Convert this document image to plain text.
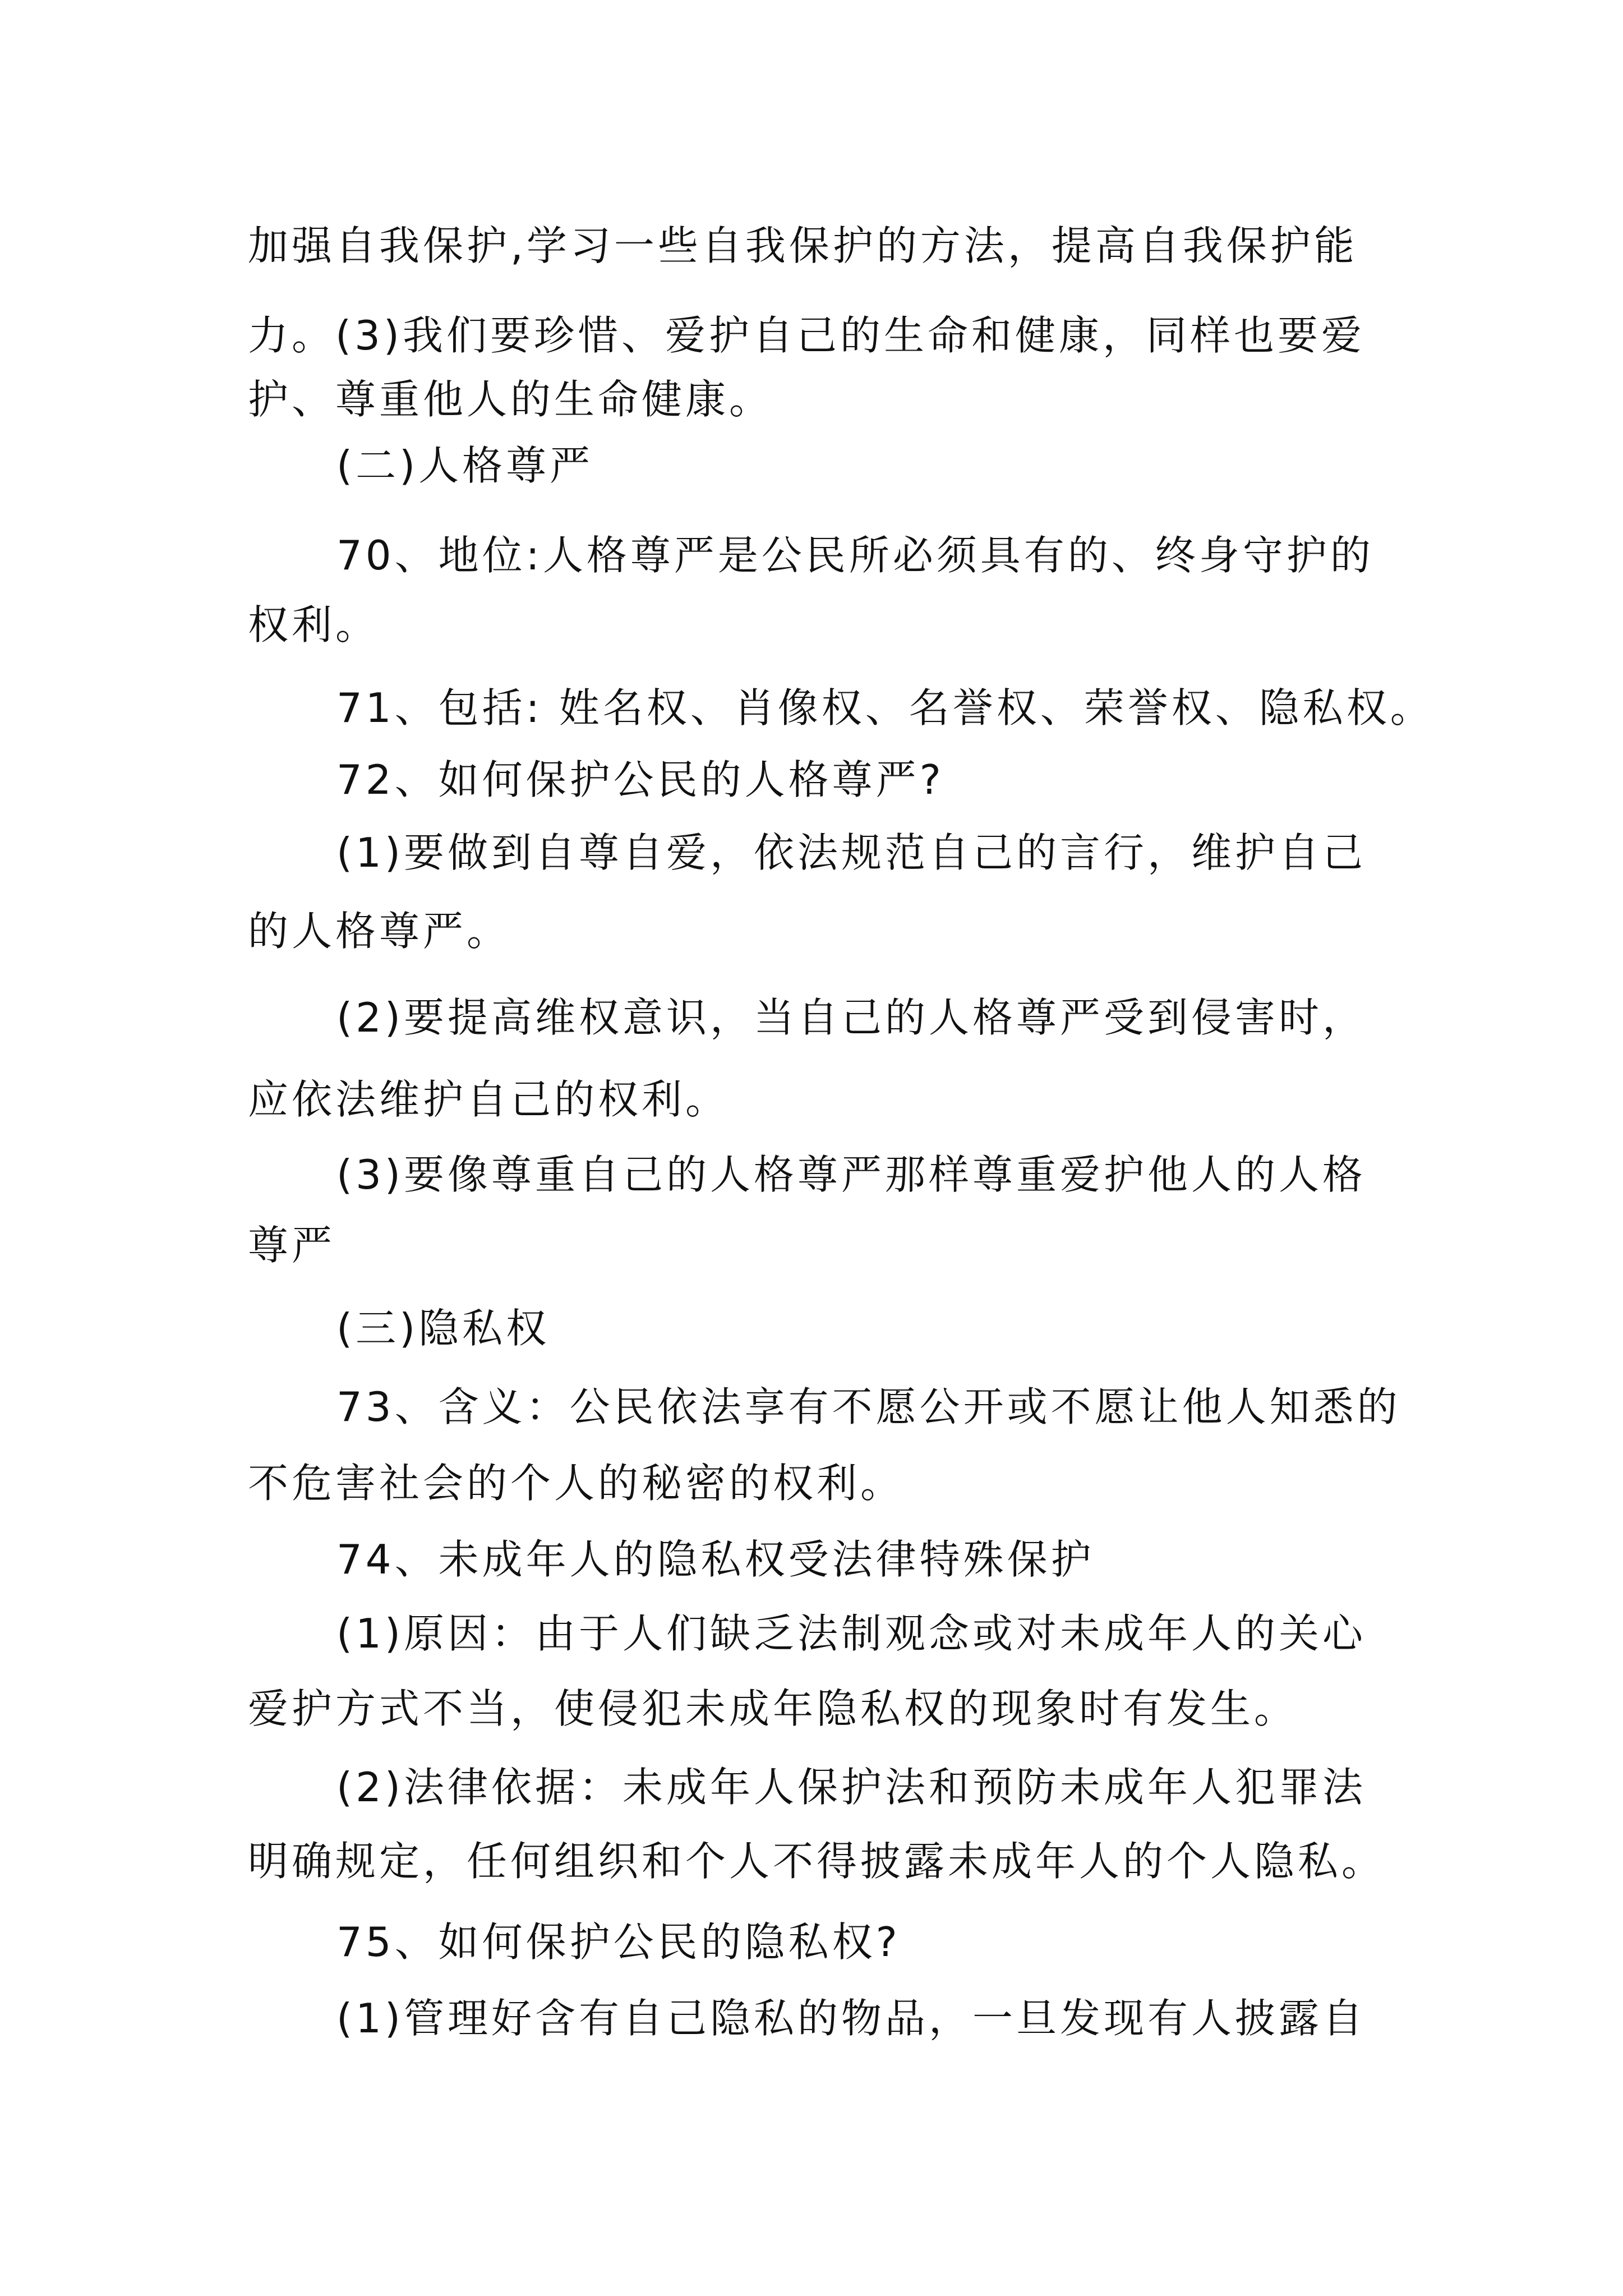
加强自我保护,学习一些自我保护的方法，提高自我保护能
力。(3)我们要珍惜、爱护自己的生命和健康，同样也要爱
护、尊重他人的生命健康。
(二)人格尊严
70、地位:人格尊严是公民所必须具有的、终身守护的
权利。
71、包括: 姓名权、肖像权、名誉权、荣誉权、隐私权。
72、如何保护公民的人格尊严?
(1)要做到自尊自爱，依法规范自己的言行，维护自己
的人格尊严。
(2)要提高维权意识，当自己的人格尊严受到侵害时，
应依法维护自己的权利。
(3)要像尊重自己的人格尊严那样尊重爱护他人的人格
尊严
(三)隐私权
73、含义：公民依法享有不愿公开或不愿让他人知悉的
不危害社会的个人的秘密的权利。
74、未成年人的隐私权受法律特殊保护
(1)原因：由于人们缺乏法制观念或对未成年人的关心
爱护方式不当，使侵犯未成年隐私权的现象时有发生。
(2)法律依据：未成年人保护法和预防未成年人犯罪法
明确规定，任何组织和个人不得披露未成年人的个人隐私。
75、如何保护公民的隐私权?
(1)管理好含有自己隐私的物品，一旦发现有人披露自
